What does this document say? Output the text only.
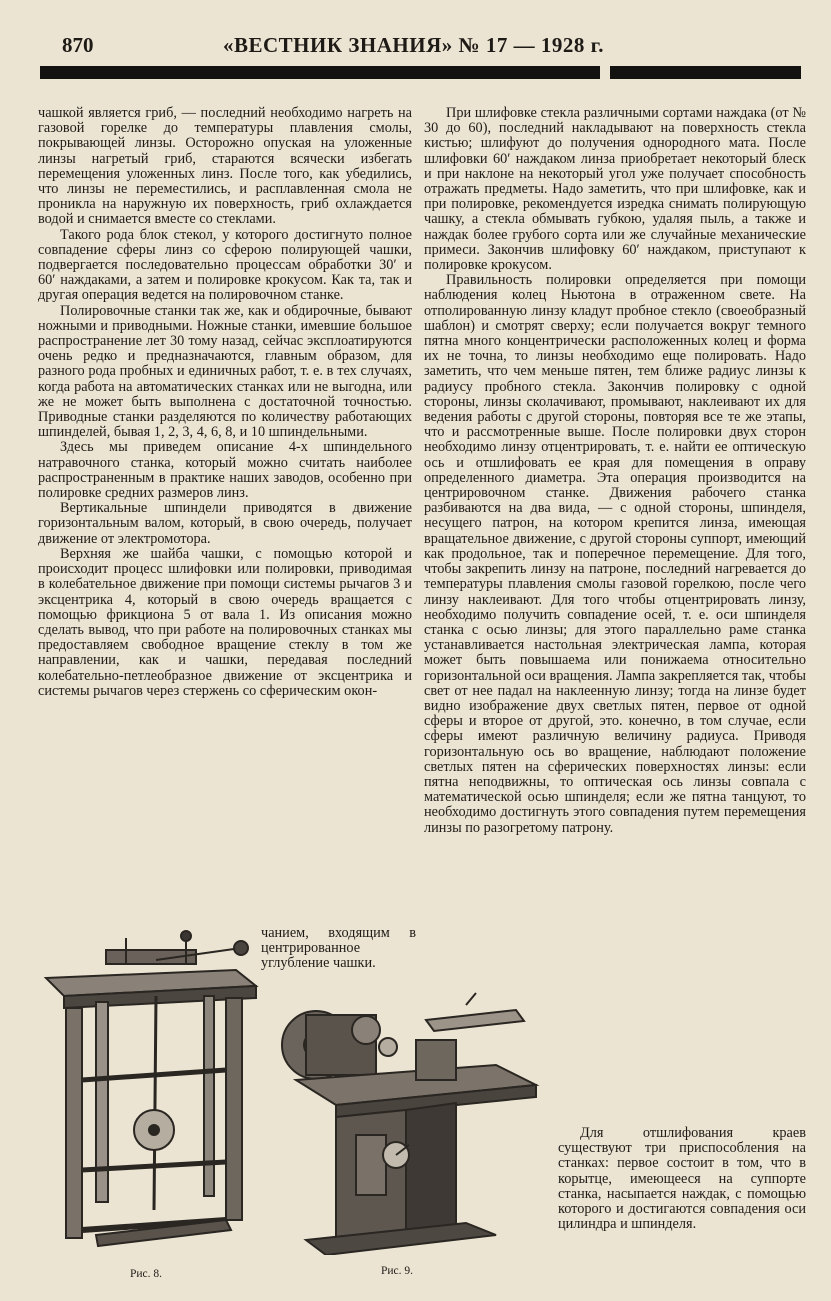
870	«ВЕСТНИК ЗНАНИЯ» № 17 — 1928 г.

чашкой является гриб, — последний необходимо нагреть на газовой горелке до температуры плавления смолы, покрывающей линзы. Осторожно опуская на уложенные линзы нагретый гриб, стараются всячески избегать перемещения уложенных линз. После того, как убедились, что линзы не переместились, и расплавленная смола не проникла на наружную их поверхность, гриб охлаждается водой и снимается вместе со стеклами.

Такого рода блок стекол, у которого достигнуто полное совпадение сферы линз со сферою полирующей чашки, подвергается последовательно процессам обработки 30′ и 60′ наждаками, а затем и полировке крокусом. Как та, так и другая операция ведется на полировочном станке.

Полировочные станки так же, как и обдирочные, бывают ножными и приводными. Ножные станки, имевшие большое распространение лет 30 тому назад, сейчас эксплоатируются очень редко и предназначаются, главным образом, для разного рода пробных и единичных работ, т. е. в тех случаях, когда работа на автоматических станках или не выгодна, или же не может быть выполнена с достаточной точностью. Приводные станки разделяются по количеству работающих шпинделей, бывая 1, 2, 3, 4, 6, 8, и 10 шпиндельными.

Здесь мы приведем описание 4-х шпиндельного натравочного станка, который можно считать наиболее распространенным в практике наших заводов, особенно при полировке средних размеров линз.

Вертикальные шпиндели приводятся в движение горизонтальным валом, который, в свою очередь, получает движение от электромотора.

Верхняя же шайба чашки, с помощью которой и происходит процесс шлифовки или полировки, приводимая в колебательное движение при помощи системы рычагов 3 и эксцентрика 4, который в свою очередь вращается с помощью фрикциона 5 от вала 1. Из описания можно сделать вывод, что при работе на полировочных станках мы предоставляем свободное вращение стеклу в том же направлении, как и чашки, передавая последний колебательно-петлеобразное движение от эксцентрика и системы рычагов через стержень со сферическим окон-

чанием, входящим в центрированное углубление чашки.

При шлифовке стекла различными сортами наждака (от № 30 до 60), последний накладывают на поверхность стекла кистью; шлифуют до получения однородного мата. После шлифовки 60′ наждаком линза приобретает некоторый блеск и при наклоне на некоторый угол уже получает способность отражать предметы. Надо заметить, что при шлифовке, как и при полировке, рекомендуется изредка снимать полирующую чашку, а стекла обмывать губкою, удаляя пыль, а также и наждак более грубого сорта или же случайные механические примеси. Закончив шлифовку 60′ наждаком, приступают к полировке крокусом.

Правильность полировки определяется при помощи наблюдения колец Ньютона в отраженном свете. На отполированную линзу кладут пробное стекло (своеобразный шаблон) и смотрят сверху; если получается вокруг темного пятна много концентрически расположенных колец и форма их не точна, то линзы необходимо еще полировать. Надо заметить, что чем меньше пятен, тем ближе радиус линзы к радиусу пробного стекла. Закончив полировку с одной стороны, линзы сколачивают, промывают, наклеивают их для ведения работы с другой стороны, повторяя все те же этапы, что и рассмотренные выше. После полировки двух сторон необходимо линзу отцентрировать, т. е. найти ее оптическую ось и отшлифовать ее края для помещения в оправу определенного диаметра. Эта операция производится на центрировочном станке. Движения рабочего станка разбиваются на два вида, — с одной стороны, шпинделя, несущего патрон, на котором крепится линза, имеющая вращательное движение, с другой стороны суппорт, имеющий как продольное, так и поперечное перемещение. Для того, чтобы закрепить линзу на патроне, последний нагревается до температуры плавления смолы газовой горелкою, после чего линзу наклеивают. Для того чтобы отцентрировать линзу, необходимо получить совпадение осей, т. е. оси шпинделя станка с осью линзы; для этого параллельно раме станка устанавливается настольная электрическая лампа, которая может быть повышаема или понижаема относительно горизонтальной оси вращения. Лампа закрепляется так, чтобы свет от нее падал на наклеенную линзу; тогда на линзе будет видно изображение двух светлых пятен, первое от одной сферы и второе от другой, это. конечно, в том случае, если сферы имеют различную величину радиуса. Приводя горизонтальную ось во вращение, наблюдают положение светлых пятен на сферических поверхностях линзы: если пятна неподвижны, то оптическая ось линзы совпала с математической осью шпинделя; если же пятна танцуют, то необходимо достигнуть этого совпадения путем перемещения линзы по разогретому патрону.

Для отшлифования краев существуют три приспособления на станках: первое состоит в том, что в корытце, имеющееся на суппорте станка, насыпается наждак, с помощью которого и достигаются совпадения оси цилиндра и шпинделя.

Рис. 8.	Рис. 9.
